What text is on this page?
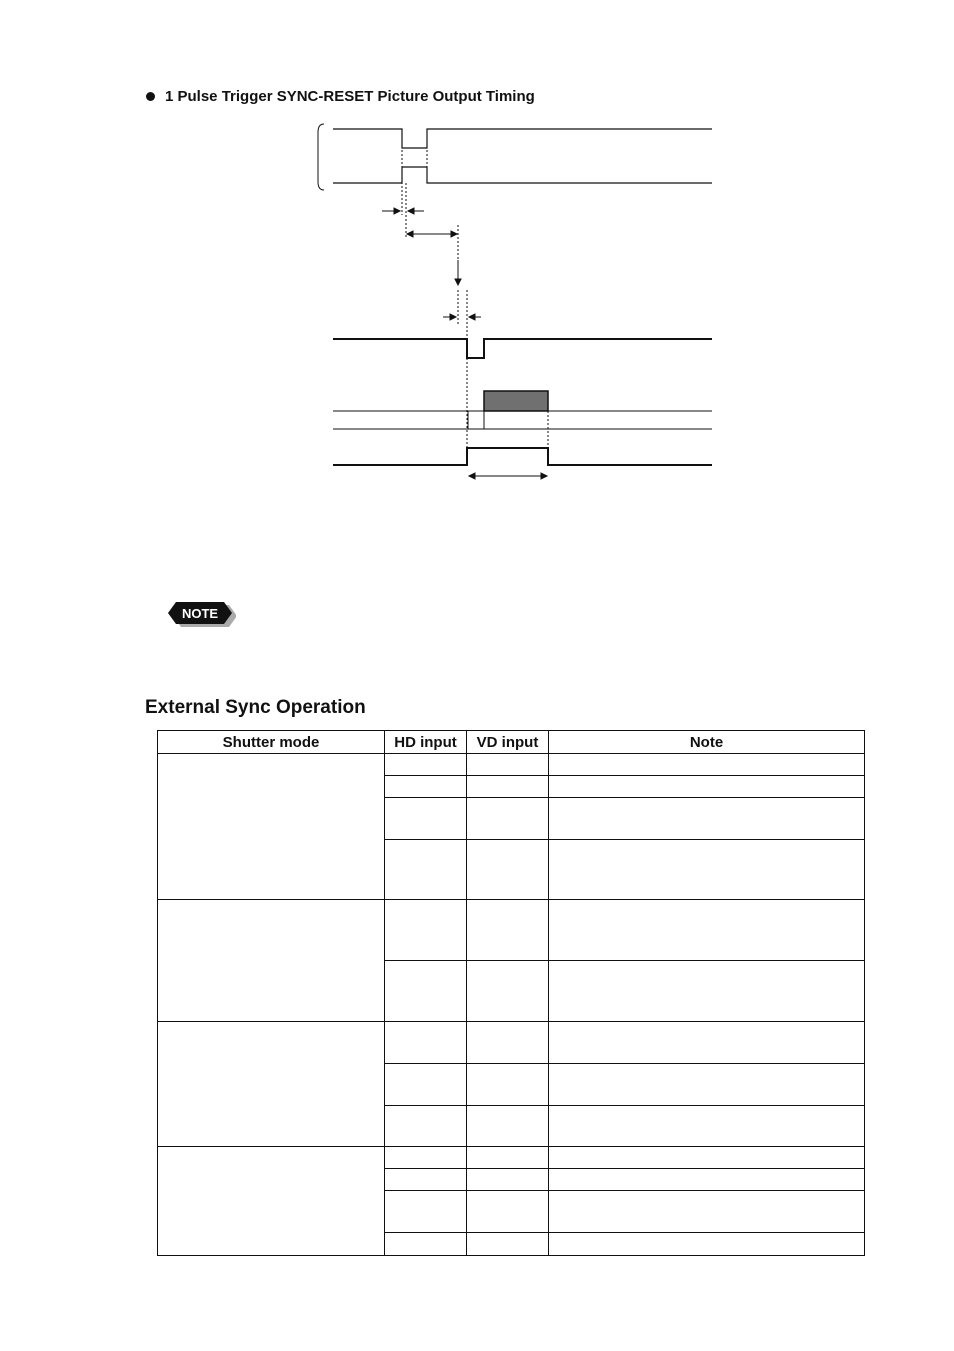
1 Pulse Trigger SYNC-RESET Picture Output Timing
NOTE
External Sync Operation
Shutter mode	HD input	VD input	Note
